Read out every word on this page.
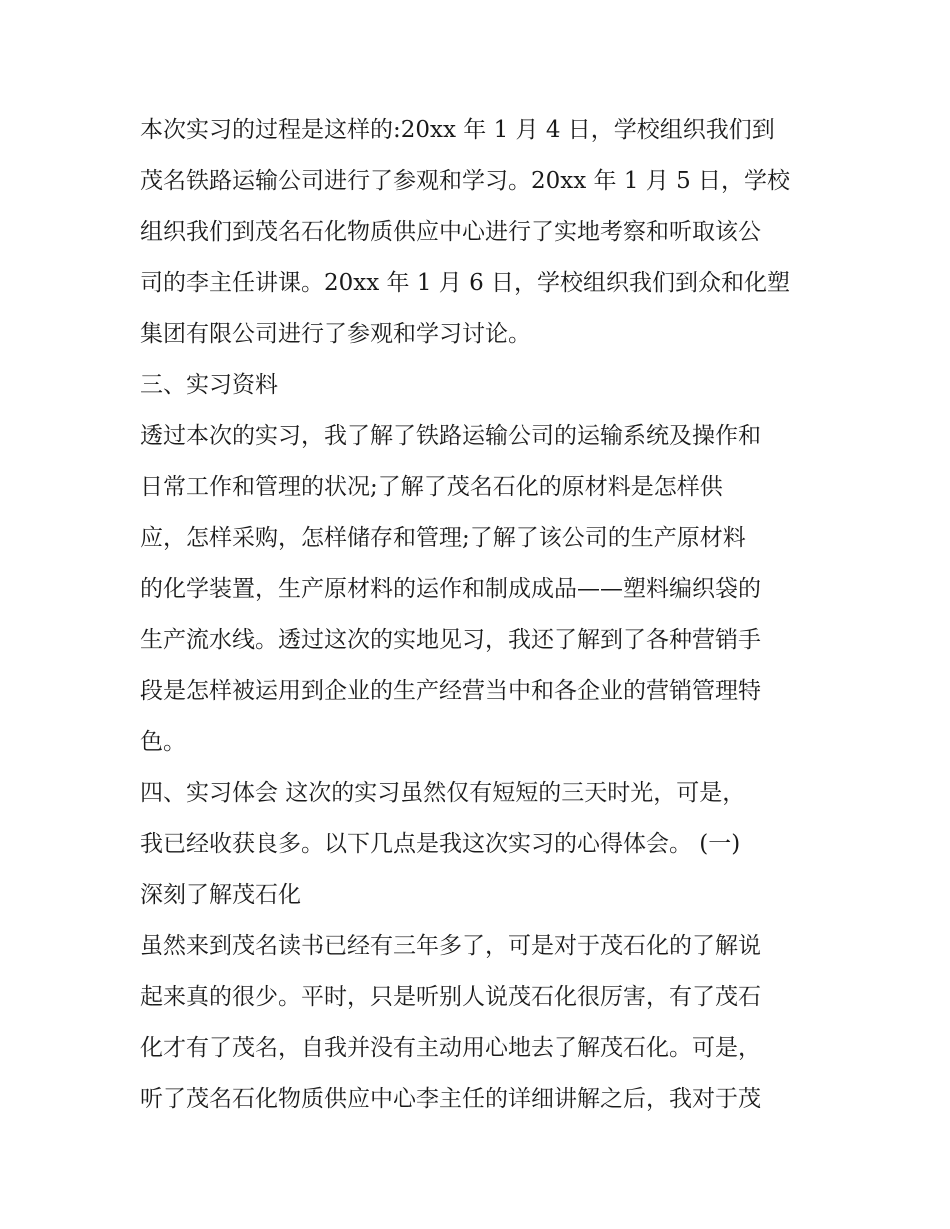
本次实习的过程是这样的:20xx 年 1 月 4 日，学校组织我们到
茂名铁路运输公司进行了参观和学习。20xx 年 1 月 5 日，学校
组织我们到茂名石化物质供应中心进行了实地考察和听取该公
司的李主任讲课。20xx 年 1 月 6 日，学校组织我们到众和化塑
集团有限公司进行了参观和学习讨论。
三、实习资料
透过本次的实习，我了解了铁路运输公司的运输系统及操作和
日常工作和管理的状况;了解了茂名石化的原材料是怎样供
应，怎样采购，怎样储存和管理;了解了该公司的生产原材料
的化学装置，生产原材料的运作和制成成品——塑料编织袋的
生产流水线。透过这次的实地见习，我还了解到了各种营销手
段是怎样被运用到企业的生产经营当中和各企业的营销管理特
色。
四、实习体会 这次的实习虽然仅有短短的三天时光，可是，
我已经收获良多。以下几点是我这次实习的心得体会。 (一)
深刻了解茂石化
虽然来到茂名读书已经有三年多了，可是对于茂石化的了解说
起来真的很少。平时，只是听别人说茂石化很厉害，有了茂石
化才有了茂名，自我并没有主动用心地去了解茂石化。可是，
听了茂名石化物质供应中心李主任的详细讲解之后，我对于茂
